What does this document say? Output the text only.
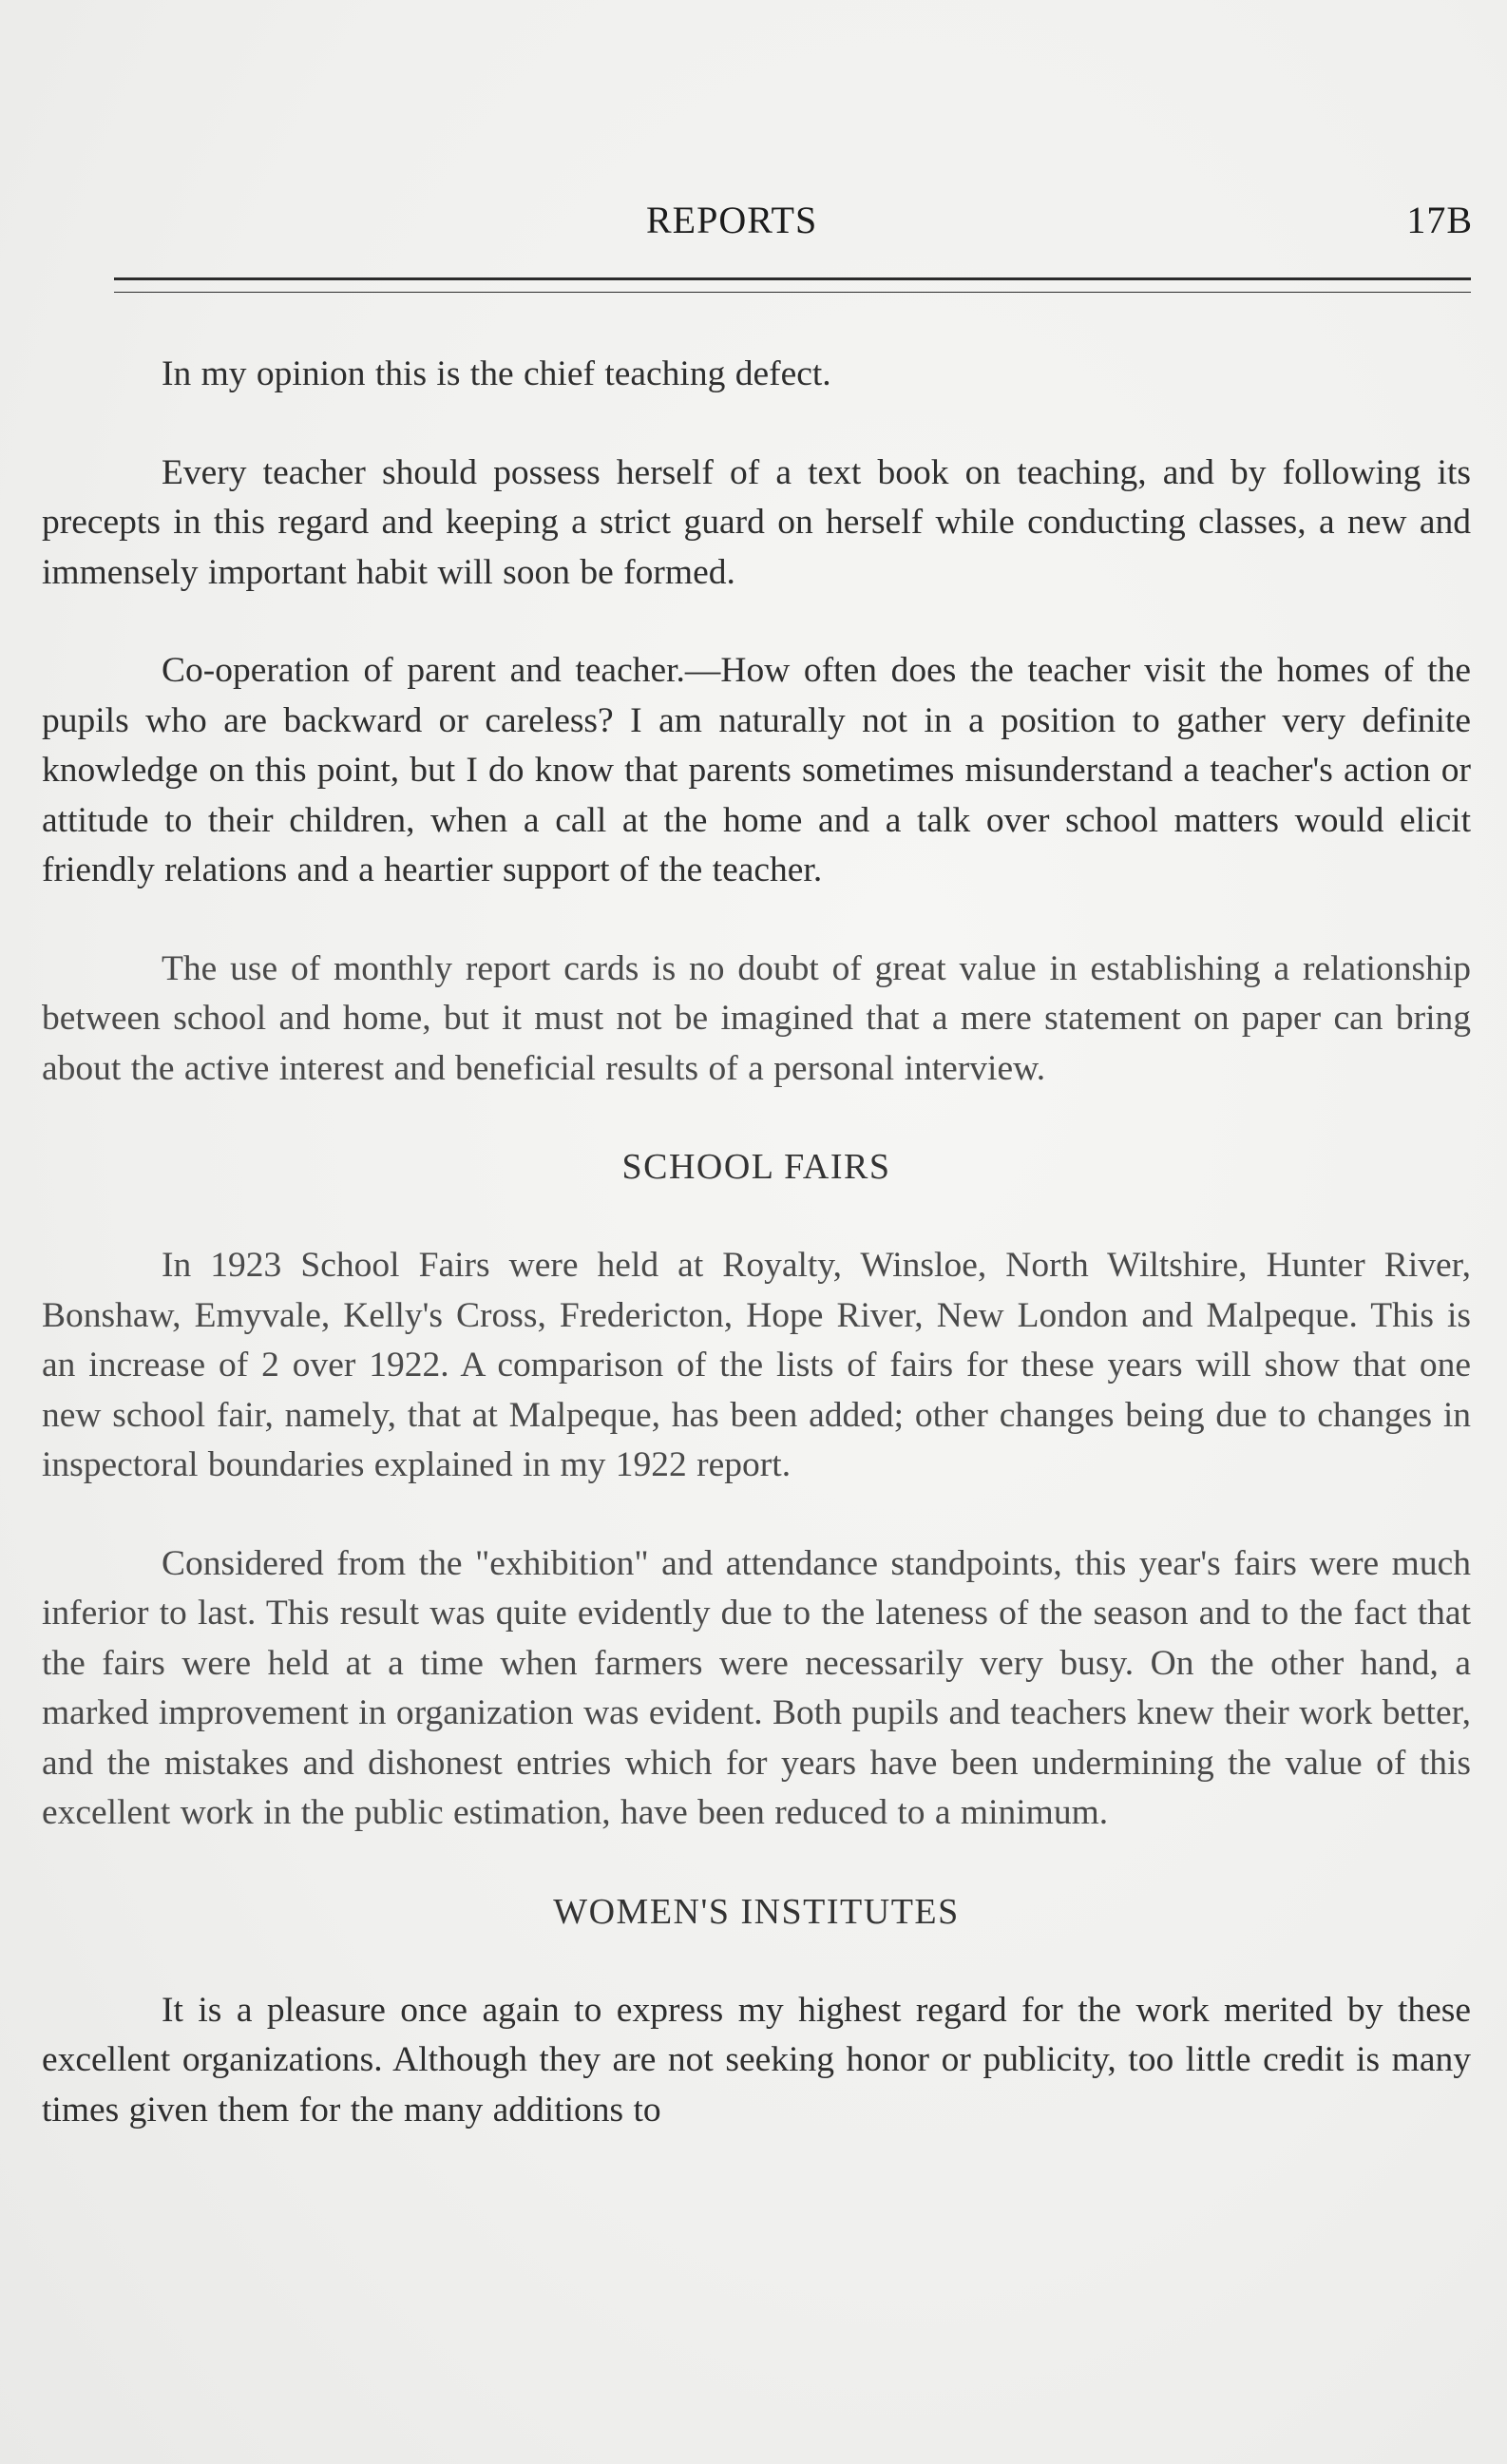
REPORTS	17B

In my opinion this is the chief teaching defect.

Every teacher should possess herself of a text book on teaching, and by following its precepts in this regard and keeping a strict guard on herself while conducting classes, a new and immensely important habit will soon be formed.

Co-operation of parent and teacher.—How often does the teacher visit the homes of the pupils who are backward or careless? I am naturally not in a position to gather very definite knowledge on this point, but I do know that parents sometimes misunderstand a teacher's action or attitude to their children, when a call at the home and a talk over school matters would elicit friendly relations and a heartier support of the teacher.

The use of monthly report cards is no doubt of great value in establishing a relationship between school and home, but it must not be imagined that a mere statement on paper can bring about the active interest and beneficial results of a personal interview.

SCHOOL FAIRS

In 1923 School Fairs were held at Royalty, Winsloe, North Wiltshire, Hunter River, Bonshaw, Emyvale, Kelly's Cross, Fredericton, Hope River, New London and Malpeque. This is an increase of 2 over 1922. A comparison of the lists of fairs for these years will show that one new school fair, namely, that at Malpeque, has been added; other changes being due to changes in inspectoral boundaries explained in my 1922 report.

Considered from the "exhibition" and attendance standpoints, this year's fairs were much inferior to last. This result was quite evidently due to the lateness of the season and to the fact that the fairs were held at a time when farmers were necessarily very busy. On the other hand, a marked improvement in organization was evident. Both pupils and teachers knew their work better, and the mistakes and dishonest entries which for years have been undermining the value of this excellent work in the public estimation, have been reduced to a minimum.

WOMEN'S INSTITUTES

It is a pleasure once again to express my highest regard for the work merited by these excellent organizations. Although they are not seeking honor or publicity, too little credit is many times given them for the many additions to
